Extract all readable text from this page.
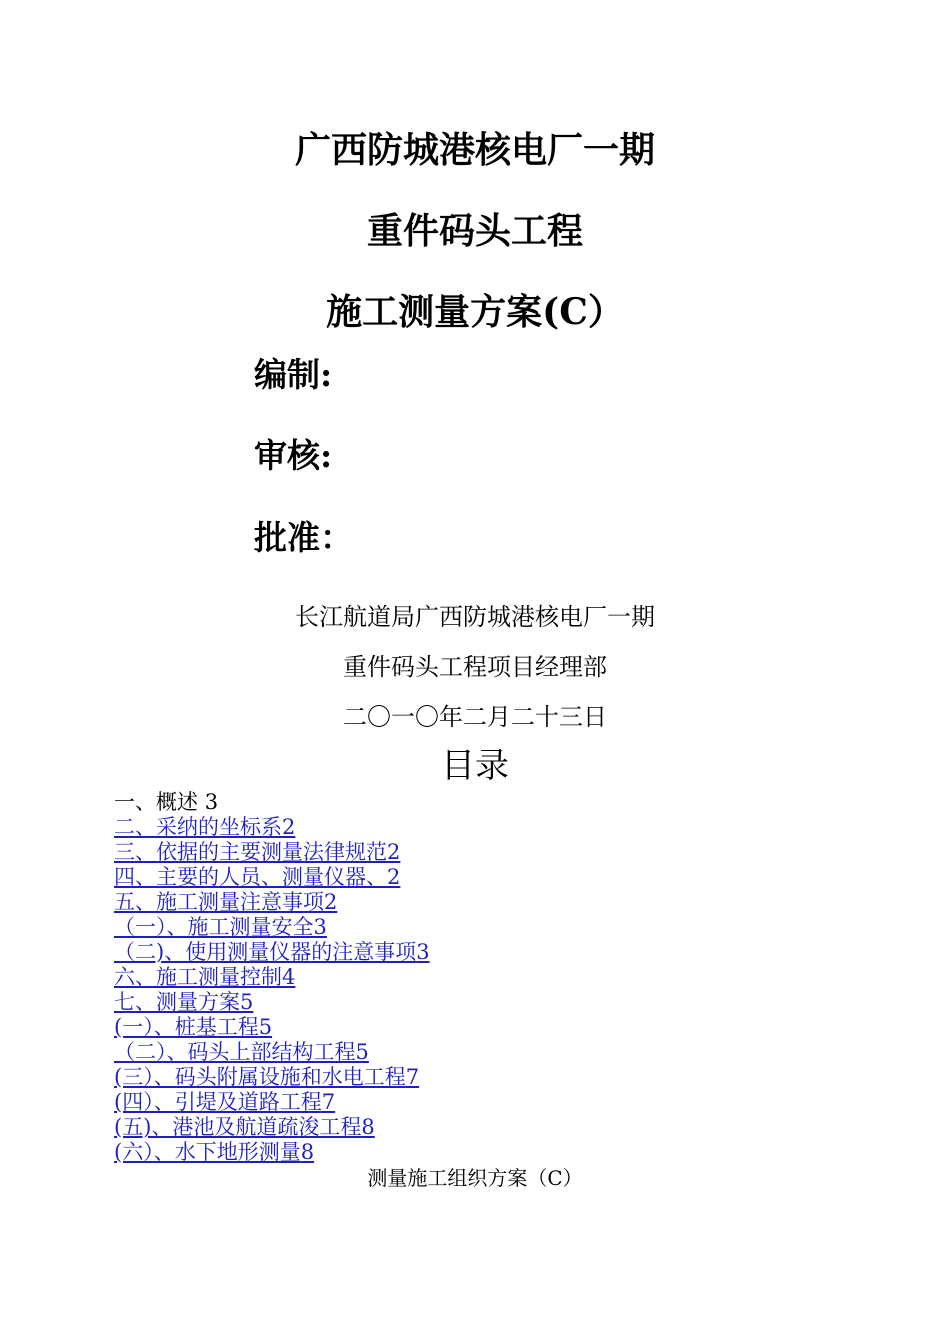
广西防城港核电厂一期
重件码头工程
施工测量方案(C）
编制:
审核:
批准：
长江航道局广西防城港核电厂一期
重件码头工程项目经理部
二〇一〇年二月二十三日
目录
一、概述 3
二、采纳的坐标系2
三、依据的主要测量法律规范2
四、主要的人员、测量仪器、2
五、施工测量注意事项2
（一）、施工测量安全3
（二)、使用测量仪器的注意事项3
六、施工测量控制4
七、测量方案5
(一）、桩基工程5
（二）、码头上部结构工程5
(三）、码头附属设施和水电工程7
(四）、引堤及道路工程7
(五)、港池及航道疏浚工程8
(六）、水下地形测量8
测量施工组织方案（C）
